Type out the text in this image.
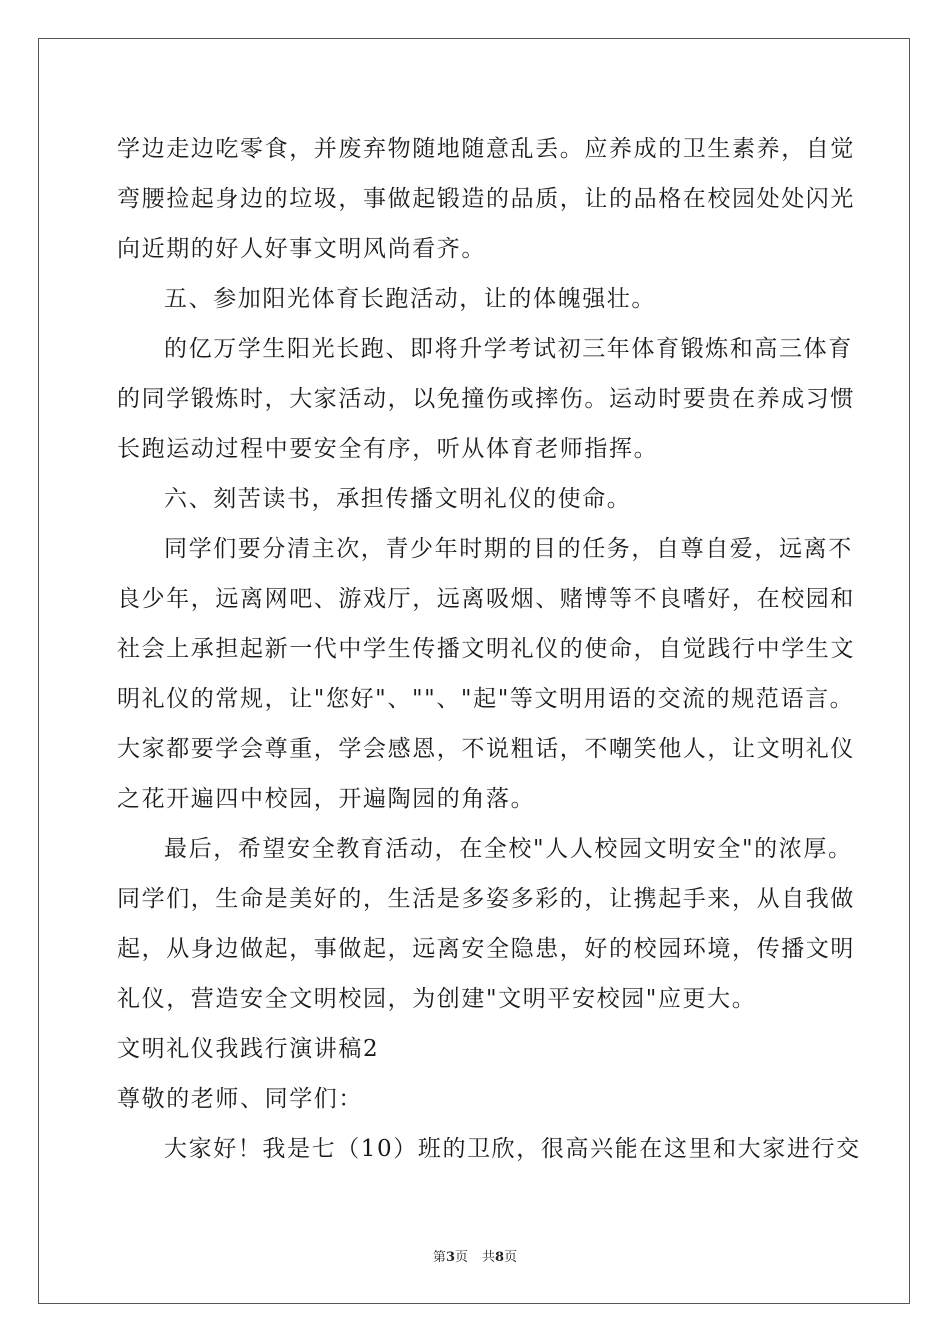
学边走边吃零食，并废弃物随地随意乱丢。应养成的卫生素养，自觉
弯腰捡起身边的垃圾，事做起锻造的品质，让的品格在校园处处闪光
向近期的好人好事文明风尚看齐。
五、参加阳光体育长跑活动，让的体魄强壮。
的亿万学生阳光长跑、即将升学考试初三年体育锻炼和高三体育
的同学锻炼时，大家活动，以免撞伤或摔伤。运动时要贵在养成习惯
长跑运动过程中要安全有序，听从体育老师指挥。
六、刻苦读书，承担传播文明礼仪的使命。
同学们要分清主次，青少年时期的目的任务，自尊自爱，远离不
良少年，远离网吧、游戏厅，远离吸烟、赌博等不良嗜好，在校园和
社会上承担起新一代中学生传播文明礼仪的使命，自觉践行中学生文
明礼仪的常规，让"您好"、""、"起"等文明用语的交流的规范语言。
大家都要学会尊重，学会感恩，不说粗话，不嘲笑他人，让文明礼仪
之花开遍四中校园，开遍陶园的角落。
最后，希望安全教育活动，在全校"人人校园文明安全"的浓厚。
同学们，生命是美好的，生活是多姿多彩的，让携起手来，从自我做
起，从身边做起，事做起，远离安全隐患，好的校园环境，传播文明
礼仪，营造安全文明校园，为创建"文明平安校园"应更大。
文明礼仪我践行演讲稿2
尊敬的老师、同学们：
大家好！我是七（10）班的卫欣，很高兴能在这里和大家进行交
第3页 共8页
